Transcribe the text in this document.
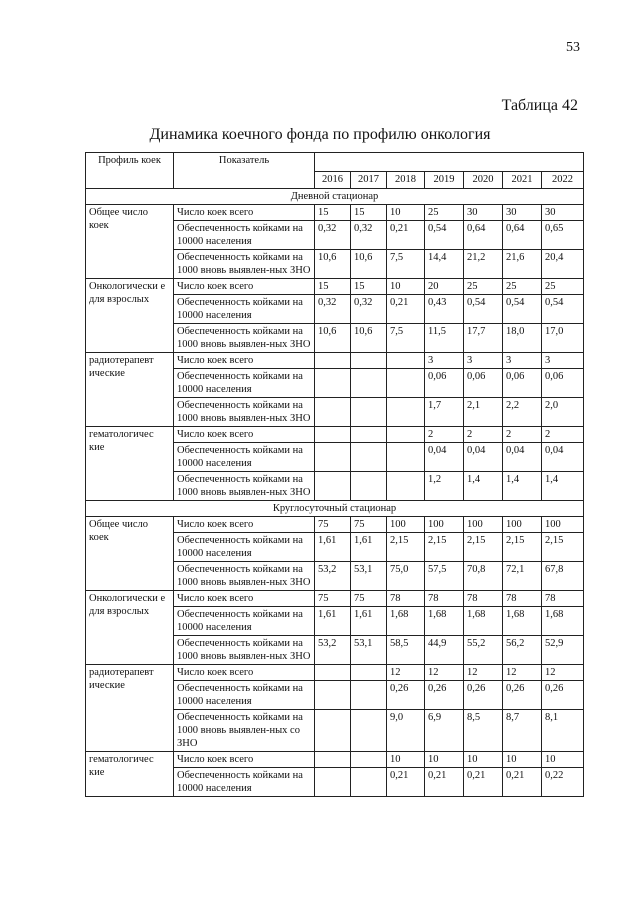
53
Таблица 42
Динамика коечного фонда по профилю онкология
Профиль коек	Показатель							
		2016	2017	2018	2019	2020	2021	2022
Дневной стационар								
Общее число коек	Число коек всего	15	15	10	25	30	30	30
	Обеспеченность койками на 10000 населения	0,32	0,32	0,21	0,54	0,64	0,64	0,65
	Обеспеченность койками на 1000 вновь выявлен-ных ЗНО	10,6	10,6	7,5	14,4	21,2	21,6	20,4
Онкологически е для взрослых	Число коек всего	15	15	10	20	25	25	25
	Обеспеченность койками на 10000 населения	0,32	0,32	0,21	0,43	0,54	0,54	0,54
	Обеспеченность койками на 1000 вновь выявлен-ных ЗНО	10,6	10,6	7,5	11,5	17,7	18,0	17,0
радиотерапевт ические	Число коек всего				3	3	3	3
	Обеспеченность койками на 10000 населения				0,06	0,06	0,06	0,06
	Обеспеченность койками на 1000 вновь выявлен-ных ЗНО				1,7	2,1	2,2	2,0
гематологичес кие	Число коек всего				2	2	2	2
	Обеспеченность койками на 10000 населения				0,04	0,04	0,04	0,04
	Обеспеченность койками на 1000 вновь выявлен-ных ЗНО				1,2	1,4	1,4	1,4
Круглосуточный стационар								
Общее число коек	Число коек всего	75	75	100	100	100	100	100
	Обеспеченность койками на 10000 населения	1,61	1,61	2,15	2,15	2,15	2,15	2,15
	Обеспеченность койками на 1000 вновь выявлен-ных ЗНО	53,2	53,1	75,0	57,5	70,8	72,1	67,8
Онкологически е для взрослых	Число коек всего	75	75	78	78	78	78	78
	Обеспеченность койками на 10000 населения	1,61	1,61	1,68	1,68	1,68	1,68	1,68
	Обеспеченность койками на 1000 вновь выявлен-ных ЗНО	53,2	53,1	58,5	44,9	55,2	56,2	52,9
радиотерапевт ические	Число коек всего			12	12	12	12	12
	Обеспеченность койками на 10000 населения			0,26	0,26	0,26	0,26	0,26
	Обеспеченность койками на 1000 вновь выявлен-ных со ЗНО			9,0	6,9	8,5	8,7	8,1
гематологичес кие	Число коек всего			10	10	10	10	10
	Обеспеченность койками на 10000 населения			0,21	0,21	0,21	0,21	0,22
